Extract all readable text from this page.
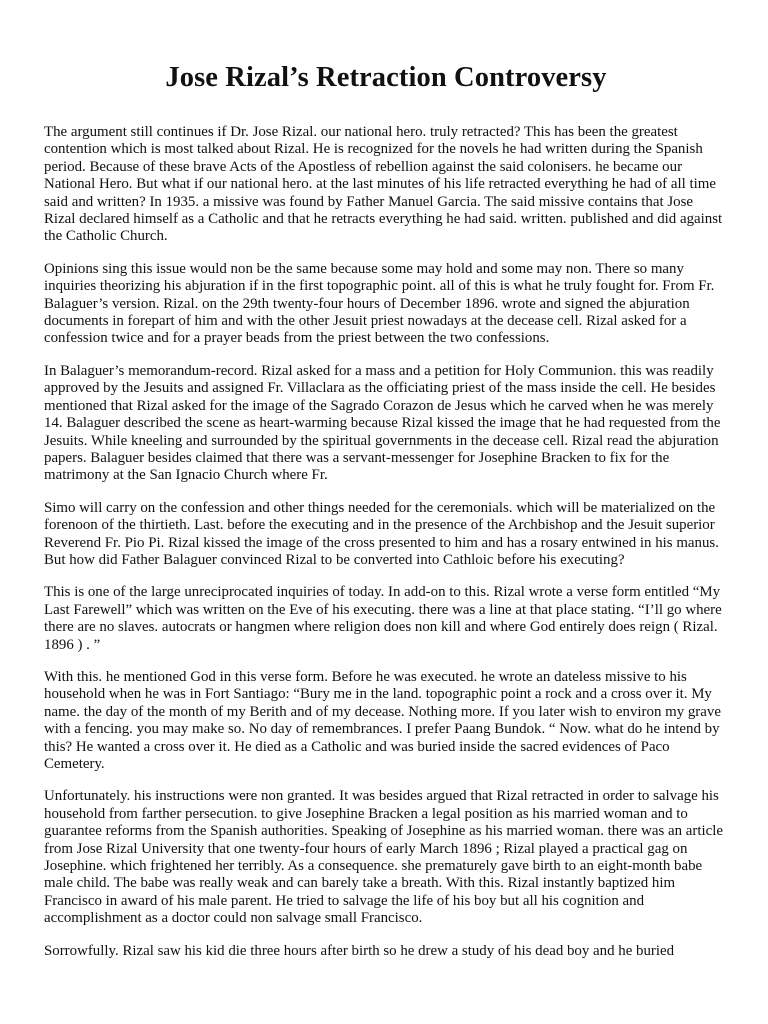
Jose Rizal’s Retraction Controversy

The argument still continues if Dr. Jose Rizal. our national hero. truly retracted? This has been the greatest contention which is most talked about Rizal. He is recognized for the novels he had written during the Spanish period. Because of these brave Acts of the Apostless of rebellion against the said colonisers. he became our National Hero. But what if our national hero. at the last minutes of his life retracted everything he had of all time said and written? In 1935. a missive was found by Father Manuel Garcia. The said missive contains that Jose Rizal declared himself as a Catholic and that he retracts everything he had said. written. published and did against the Catholic Church.

Opinions sing this issue would non be the same because some may hold and some may non. There so many inquiries theorizing his abjuration if in the first topographic point. all of this is what he truly fought for. From Fr. Balaguer’s version. Rizal. on the 29th twenty-four hours of December 1896. wrote and signed the abjuration documents in forepart of him and with the other Jesuit priest nowadays at the decease cell. Rizal asked for a confession twice and for a prayer beads from the priest between the two confessions.

In Balaguer’s memorandum-record. Rizal asked for a mass and a petition for Holy Communion. this was readily approved by the Jesuits and assigned Fr. Villaclara as the officiating priest of the mass inside the cell. He besides mentioned that Rizal asked for the image of the Sagrado Corazon de Jesus which he carved when he was merely 14. Balaguer described the scene as heart-warming because Rizal kissed the image that he had requested from the Jesuits. While kneeling and surrounded by the spiritual governments in the decease cell. Rizal read the abjuration papers. Balaguer besides claimed that there was a servant-messenger for Josephine Bracken to fix for the matrimony at the San Ignacio Church where Fr.

Simo will carry on the confession and other things needed for the ceremonials. which will be materialized on the forenoon of the thirtieth. Last. before the executing and in the presence of the Archbishop and the Jesuit superior Reverend Fr. Pio Pi. Rizal kissed the image of the cross presented to him and has a rosary entwined in his manus. But how did Father Balaguer convinced Rizal to be converted into Cathloic before his executing?

This is one of the large unreciprocated inquiries of today. In add-on to this. Rizal wrote a verse form entitled “My Last Farewell” which was written on the Eve of his executing. there was a line at that place stating. “I’ll go where there are no slaves. autocrats or hangmen where religion does non kill and where God entirely does reign ( Rizal. 1896 ) . ”

With this. he mentioned God in this verse form. Before he was executed. he wrote an dateless missive to his household when he was in Fort Santiago: “Bury me in the land. topographic point a rock and a cross over it. My name. the day of the month of my Berith and of my decease. Nothing more. If you later wish to environ my grave with a fencing. you may make so. No day of remembrances. I prefer Paang Bundok. “ Now. what do he intend by this? He wanted a cross over it. He died as a Catholic and was buried inside the sacred evidences of Paco Cemetery.

Unfortunately. his instructions were non granted. It was besides argued that Rizal retracted in order to salvage his household from farther persecution. to give Josephine Bracken a legal position as his married woman and to guarantee reforms from the Spanish authorities. Speaking of Josephine as his married woman. there was an article from Jose Rizal University that one twenty-four hours of early March 1896 ; Rizal played a practical gag on Josephine. which frightened her terribly. As a consequence. she prematurely gave birth to an eight-month babe male child. The babe was really weak and can barely take a breath. With this. Rizal instantly baptized him Francisco in award of his male parent. He tried to salvage the life of his boy but all his cognition and accomplishment as a doctor could non salvage small Francisco.

Sorrowfully. Rizal saw his kid die three hours after birth so he drew a study of his dead boy and he buried
